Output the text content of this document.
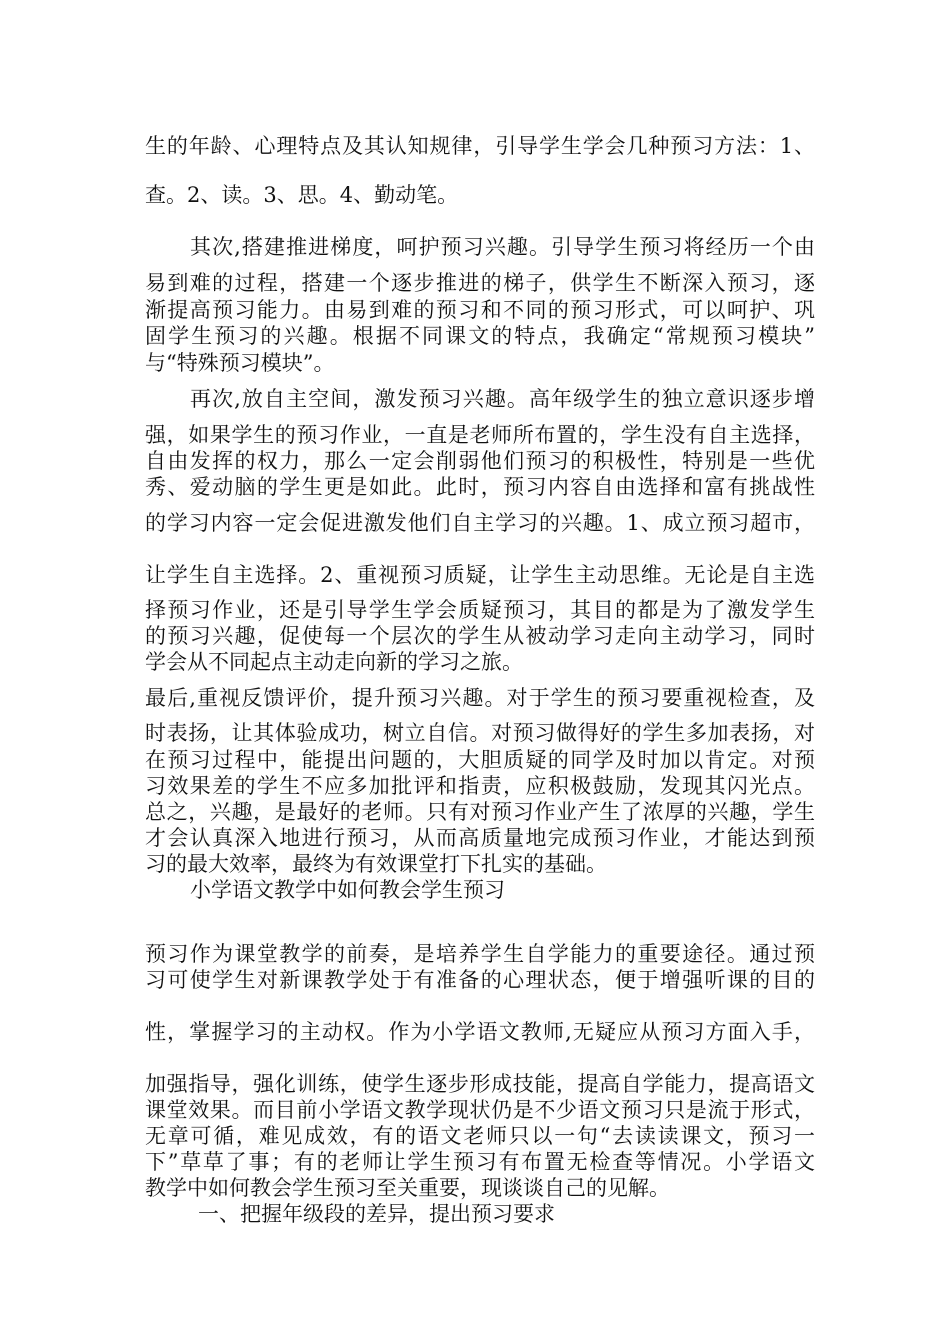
生的年龄、心理特点及其认知规律，引导学生学会几种预习方法：1、

查。2、读。3、思。4、勤动笔。

其次,搭建推进梯度，呵护预习兴趣。引导学生预习将经历一个由

易到难的过程，搭建一个逐步推进的梯子，供学生不断深入预习，逐

渐提高预习能力。由易到难的预习和不同的预习形式，可以呵护、巩

固学生预习的兴趣。根据不同课文的特点，我确定“常规预习模块”

与“特殊预习模块”。

再次,放自主空间，激发预习兴趣。高年级学生的独立意识逐步增

强，如果学生的预习作业，一直是老师所布置的，学生没有自主选择，

自由发挥的权力，那么一定会削弱他们预习的积极性，特别是一些优

秀、爱动脑的学生更是如此。此时，预习内容自由选择和富有挑战性

的学习内容一定会促进激发他们自主学习的兴趣。1、成立预习超市，

让学生自主选择。2、重视预习质疑，让学生主动思维。无论是自主选

择预习作业，还是引导学生学会质疑预习，其目的都是为了激发学生

的预习兴趣，促使每一个层次的学生从被动学习走向主动学习，同时

学会从不同起点主动走向新的学习之旅。

最后,重视反馈评价，提升预习兴趣。对于学生的预习要重视检查，及

时表扬，让其体验成功，树立自信。对预习做得好的学生多加表扬，对

在预习过程中，能提出问题的，大胆质疑的同学及时加以肯定。对预

习效果差的学生不应多加批评和指责，应积极鼓励，发现其闪光点。

总之，兴趣，是最好的老师。只有对预习作业产生了浓厚的兴趣，学生

才会认真深入地进行预习，从而高质量地完成预习作业，才能达到预

习的最大效率，最终为有效课堂打下扎实的基础。

小学语文教学中如何教会学生预习

预习作为课堂教学的前奏，是培养学生自学能力的重要途径。通过预

习可使学生对新课教学处于有准备的心理状态，便于增强听课的目的

性，掌握学习的主动权。作为小学语文教师,无疑应从预习方面入手，

加强指导，强化训练，使学生逐步形成技能，提高自学能力，提高语文

课堂效果。而目前小学语文教学现状仍是不少语文预习只是流于形式，

无章可循，难见成效，有的语文老师只以一句“去读读课文，预习一

下”草草了事；有的老师让学生预习有布置无检查等情况。小学语文

教学中如何教会学生预习至关重要，现谈谈自己的见解。

一、把握年级段的差异，提出预习要求
